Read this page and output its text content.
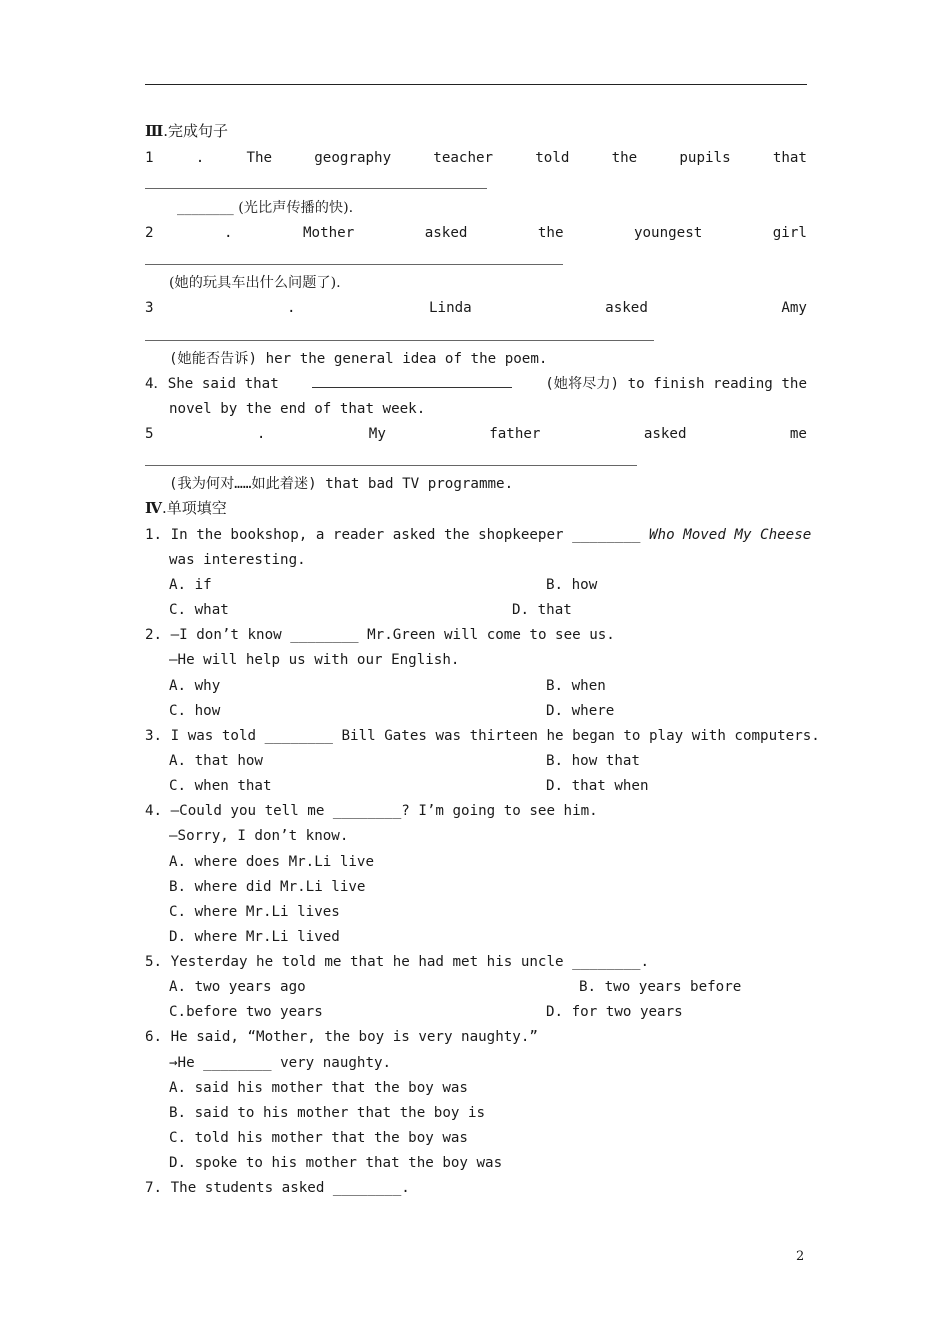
Ⅲ.完成句子
1	.	The	geography	teacher	told	the	pupils	that
________ (光比声传播的快).
2	.	Mother	asked	the	youngest	girl
(她的玩具车出什么问题了).
3	.	Linda	asked	Amy
(她能否告诉) her the general idea of the poem.
4．She said that	(她将尽力) to finish reading the
novel by the end of that week.
5	.	My	father	asked	me
(我为何对……如此着迷) that bad TV programme.
Ⅳ.单项填空
1. In the bookshop, a reader asked the shopkeeper ________ Who Moved My Cheese
was interesting.
A. if	B. how
C. what	D. that
2. —I don’t know ________ Mr.Green will come to see us.
—He will help us with our English.
A. why	B. when
C. how	D. where
3. I was told ________ Bill Gates was thirteen he began to play with computers.
A. that how	B. how that
C. when that	D. that when
4. —Could you tell me ________? I’m going to see him.
—Sorry, I don’t know.
A. where does Mr.Li live
B. where did Mr.Li live
C. where Mr.Li lives
D. where Mr.Li lived
5. Yesterday he told me that he had met his uncle ________.
A. two years ago	B. two years before
C.before two years	D. for two years
6. He said, “Mother, the boy is very naughty.”
→He ________ very naughty.
A. said his mother that the boy was
B. said to his mother that the boy is
C. told his mother that the boy was
D. spoke to his mother that the boy was
7. The students asked ________.
2
